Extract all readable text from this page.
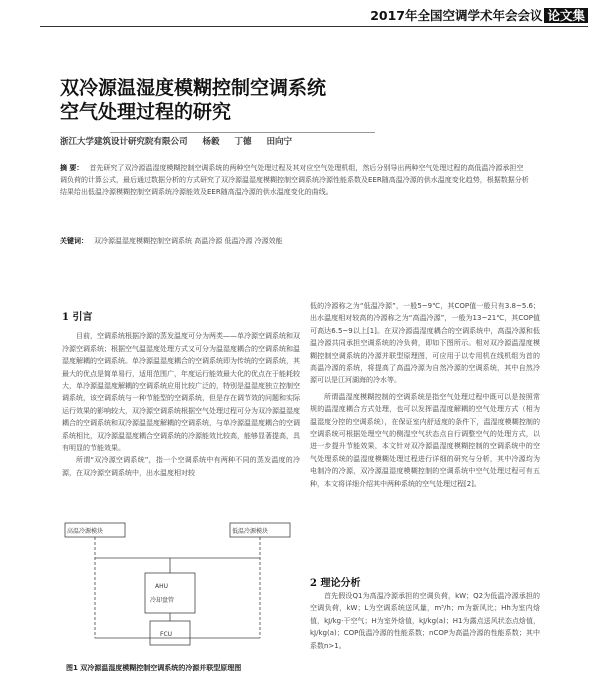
2017年全国空调学术年会会议 论文集
双冷源温湿度模糊控制空调系统
空气处理过程的研究
浙江大学建筑设计研究院有限公司 杨毅 丁德 田向宁
摘 要： 首先研究了双冷源温湿度模糊控制空调系统的两种空气处理过程及其对应空气处理机组，然后分别导出两种空气处理过程的高低温冷源承担空调负荷的计算公式，最后通过数据分析的方式研究了双冷源温湿度模糊控制空调系统冷源性能系数及EER随高温冷源的供水温度变化趋势，根据数据分析结果给出低温冷源模糊控制空调系统冷源能效及EER随高温冷源的供水温度变化的曲线。
关键词： 双冷源温湿度模糊控制空调系统 高温冷源 低温冷源 冷源效能
1 引言

目前，空调系统根据冷源的蒸发温度可分为两类——单冷源空调系统和双冷源空调系统；根据空气温湿度处理方式又可分为温湿度耦合的空调系统和温湿度解耦的空调系统。单冷源温湿度耦合的空调系统即为传统的空调系统，其最大的优点是简单易行，适用范围广，年度运行能效最大化的优点在于能耗较大，单冷源温湿度解耦的空调系统应用比较广泛的，特别是温湿度独立控制空调系统，该空调系统与一种节能型的空调系统，但是存在调节效的问题和实际运行效果的影响较大，双冷源空调系统根据空气处理过程可分为双冷源温湿度耦合的空调系统和双冷源温湿度解耦的空调系统，与单冷源温湿度耦合的空调系统相比，双冷源温湿度耦合空调系统的冷源能效比较高，能够显著提高，具有明显的节能效果。

所谓“双冷源空调系统”，指一个空调系统中有两种不同的蒸发温度的冷源，在双冷源空调系统中，出水温度相对较

低的冷源称之为“低温冷源”，一般5~9℃，其COP值一般只有3.8~5.6；出水温度相对较高的冷源称之为“高温冷源”，一般为13~21℃，其COP值可高达6.5~9以上[1]。在双冷源温湿度耦合的空调系统中，高温冷源和低温冷源共同承担空调系统的冷负荷，即如下图所示。相对双冷源温湿度模糊控制空调系统的冷源并联型原理图，可应用于以专用机在线机组为首的高温冷源的系统，将提高了高温冷源为自然冷源的空调系统，其中自然冷源可以是江河湖海的冷水等。

所谓温湿度模糊控制的空调系统是指空气处理过程中既可以是按照常规的温湿度耦合方式处理，也可以发挥温湿度解耦的空气处理方式（相为温湿度分控的空调系统），在保证室内舒适度的条件下，温湿度模糊控制的空调系统可根据处理空气的侧湿空气状态点自行调整空气的处理方式，以进一步提升节能效果，本文针对双冷源温湿度模糊控制的空调系统中的空气处理系统的温湿度模糊处理过程进行详细的研究与分析，其中冷源均为电制冷的冷源，双冷源温湿度模糊控制的空调系统中空气处理过程可有五种，本文将详细介绍其中两种系统的空气处理过程[2]。

2 理论分析

首先假设Q1为高温冷源承担的空调负荷，kW；Q2为低温冷源承担的空调负荷，kW；L为空调系统送风量，m³/h；m为新风比；Hh为室内焓值，kJ/kg·干空气；H为室外焓值，kJ/kg(a)；H1为露点送风状态点焓值，kJ/kg(a)；COP低温冷源的性能系数；nCOP为高温冷源的性能系数；其中系数n>1。

高温冷源模块	低温冷源模块
AHU
冷却盘管
FCU
图1 双冷源温湿度模糊控制空调系统的冷源并联型原理图
